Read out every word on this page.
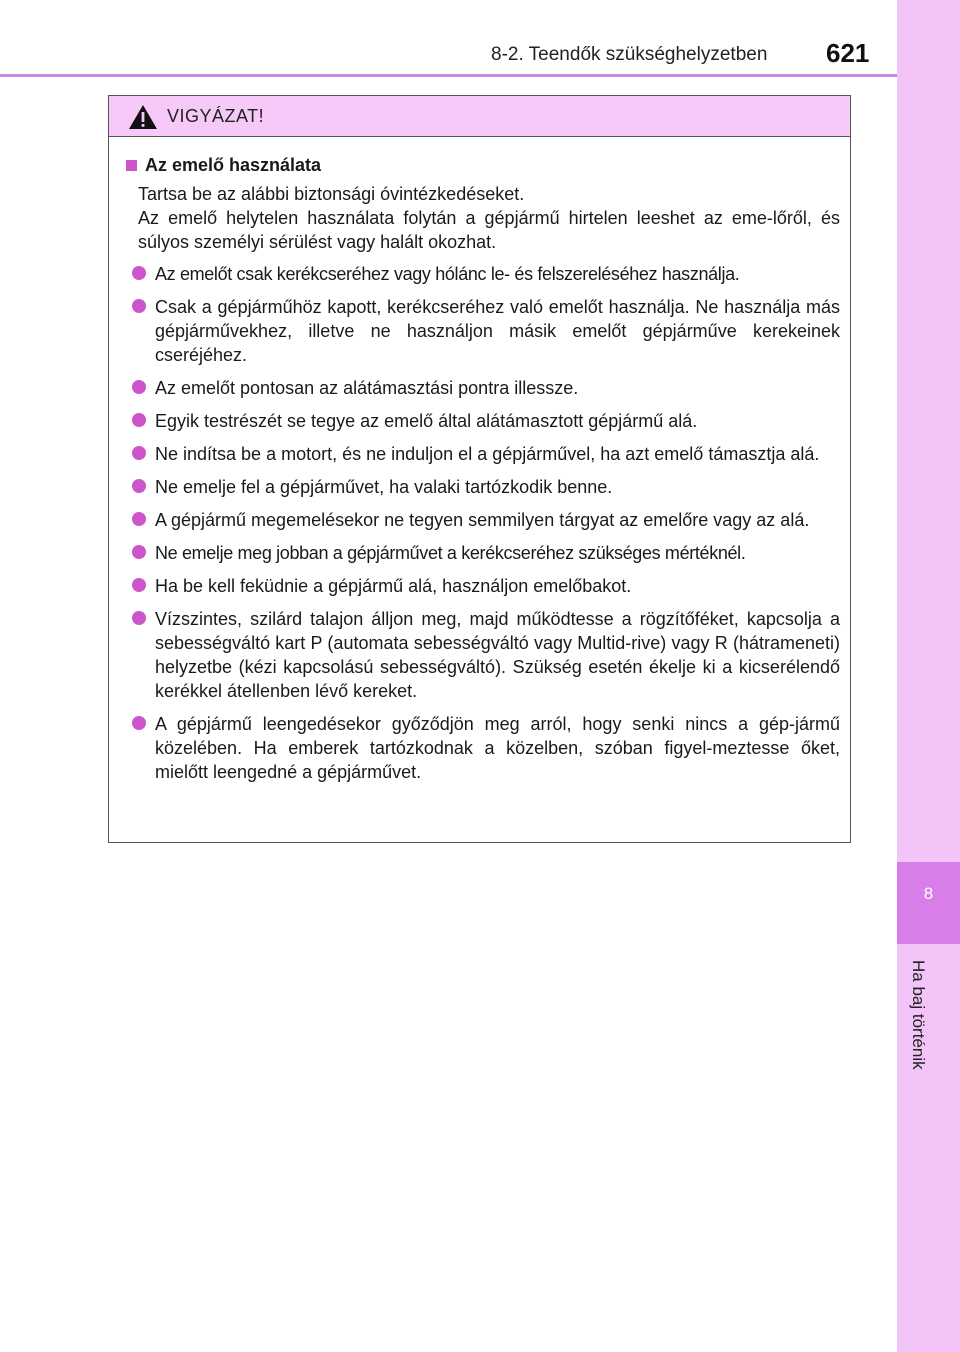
8-2. Teendők szükséghelyzetben 621
8
Ha baj történik
VIGYÁZAT!
Az emelő használata
Tartsa be az alábbi biztonsági óvintézkedéseket.
Az emelő helytelen használata folytán a gépjármű hirtelen leeshet az eme-lőről, és súlyos személyi sérülést vagy halált okozhat.
Az emelőt csak kerékcseréhez vagy hólánc le- és felszereléséhez használja.
Csak a gépjárműhöz kapott, kerékcseréhez való emelőt használja. Ne használja más gépjárművekhez, illetve ne használjon másik emelőt gépjárműve kerekeinek cseréjéhez.
Az emelőt pontosan az alátámasztási pontra illessze.
Egyik testrészét se tegye az emelő által alátámasztott gépjármű alá.
Ne indítsa be a motort, és ne induljon el a gépjárművel, ha azt emelő támasztja alá.
Ne emelje fel a gépjárművet, ha valaki tartózkodik benne.
A gépjármű megemelésekor ne tegyen semmilyen tárgyat az emelőre vagy az alá.
Ne emelje meg jobban a gépjárművet a kerékcseréhez szükséges mértéknél.
Ha be kell feküdnie a gépjármű alá, használjon emelőbakot.
Vízszintes, szilárd talajon álljon meg, majd működtesse a rögzítőféket, kapcsolja a sebességváltó kart P (automata sebességváltó vagy Multid-rive) vagy R (hátrameneti) helyzetbe (kézi kapcsolású sebességváltó). Szükség esetén ékelje ki a kicserélendő kerékkel átellenben lévő kereket.
A gépjármű leengedésekor győződjön meg arról, hogy senki nincs a gép-jármű közelében. Ha emberek tartózkodnak a közelben, szóban figyel-meztesse őket, mielőtt leengedné a gépjárművet.
